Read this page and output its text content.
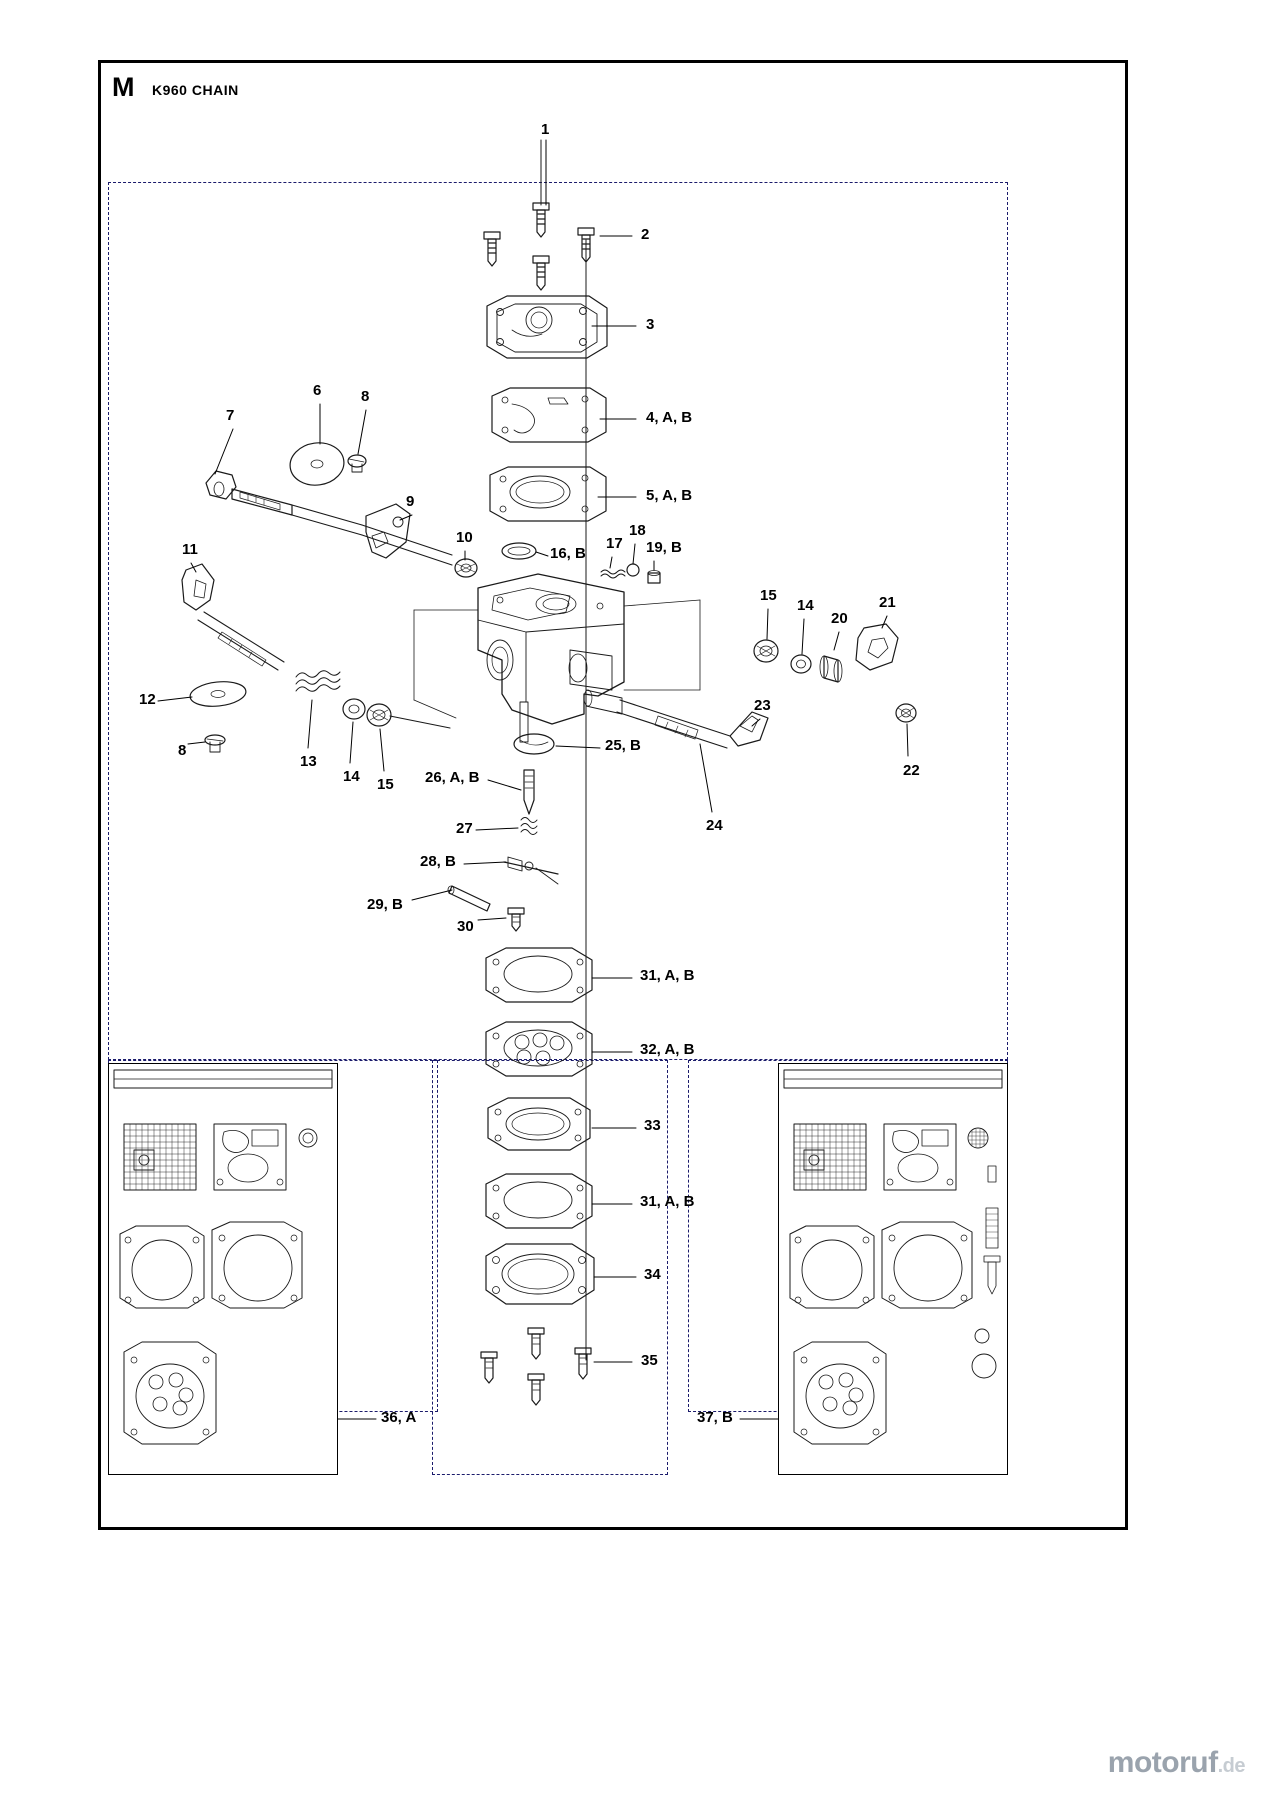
M K960 CHAIN
1
2
3
4, A, B
5, A, B
6
7
8
9
10
16, B
17
18
19, B
11
12
8
13
14 15
15
14
20
21
22
23
24
25, B
26, A, B
27
28, B
29, B
30
31, A, B
32, A, B
33
31, A, B
34
35
36, A	37, B
motoruf.de
